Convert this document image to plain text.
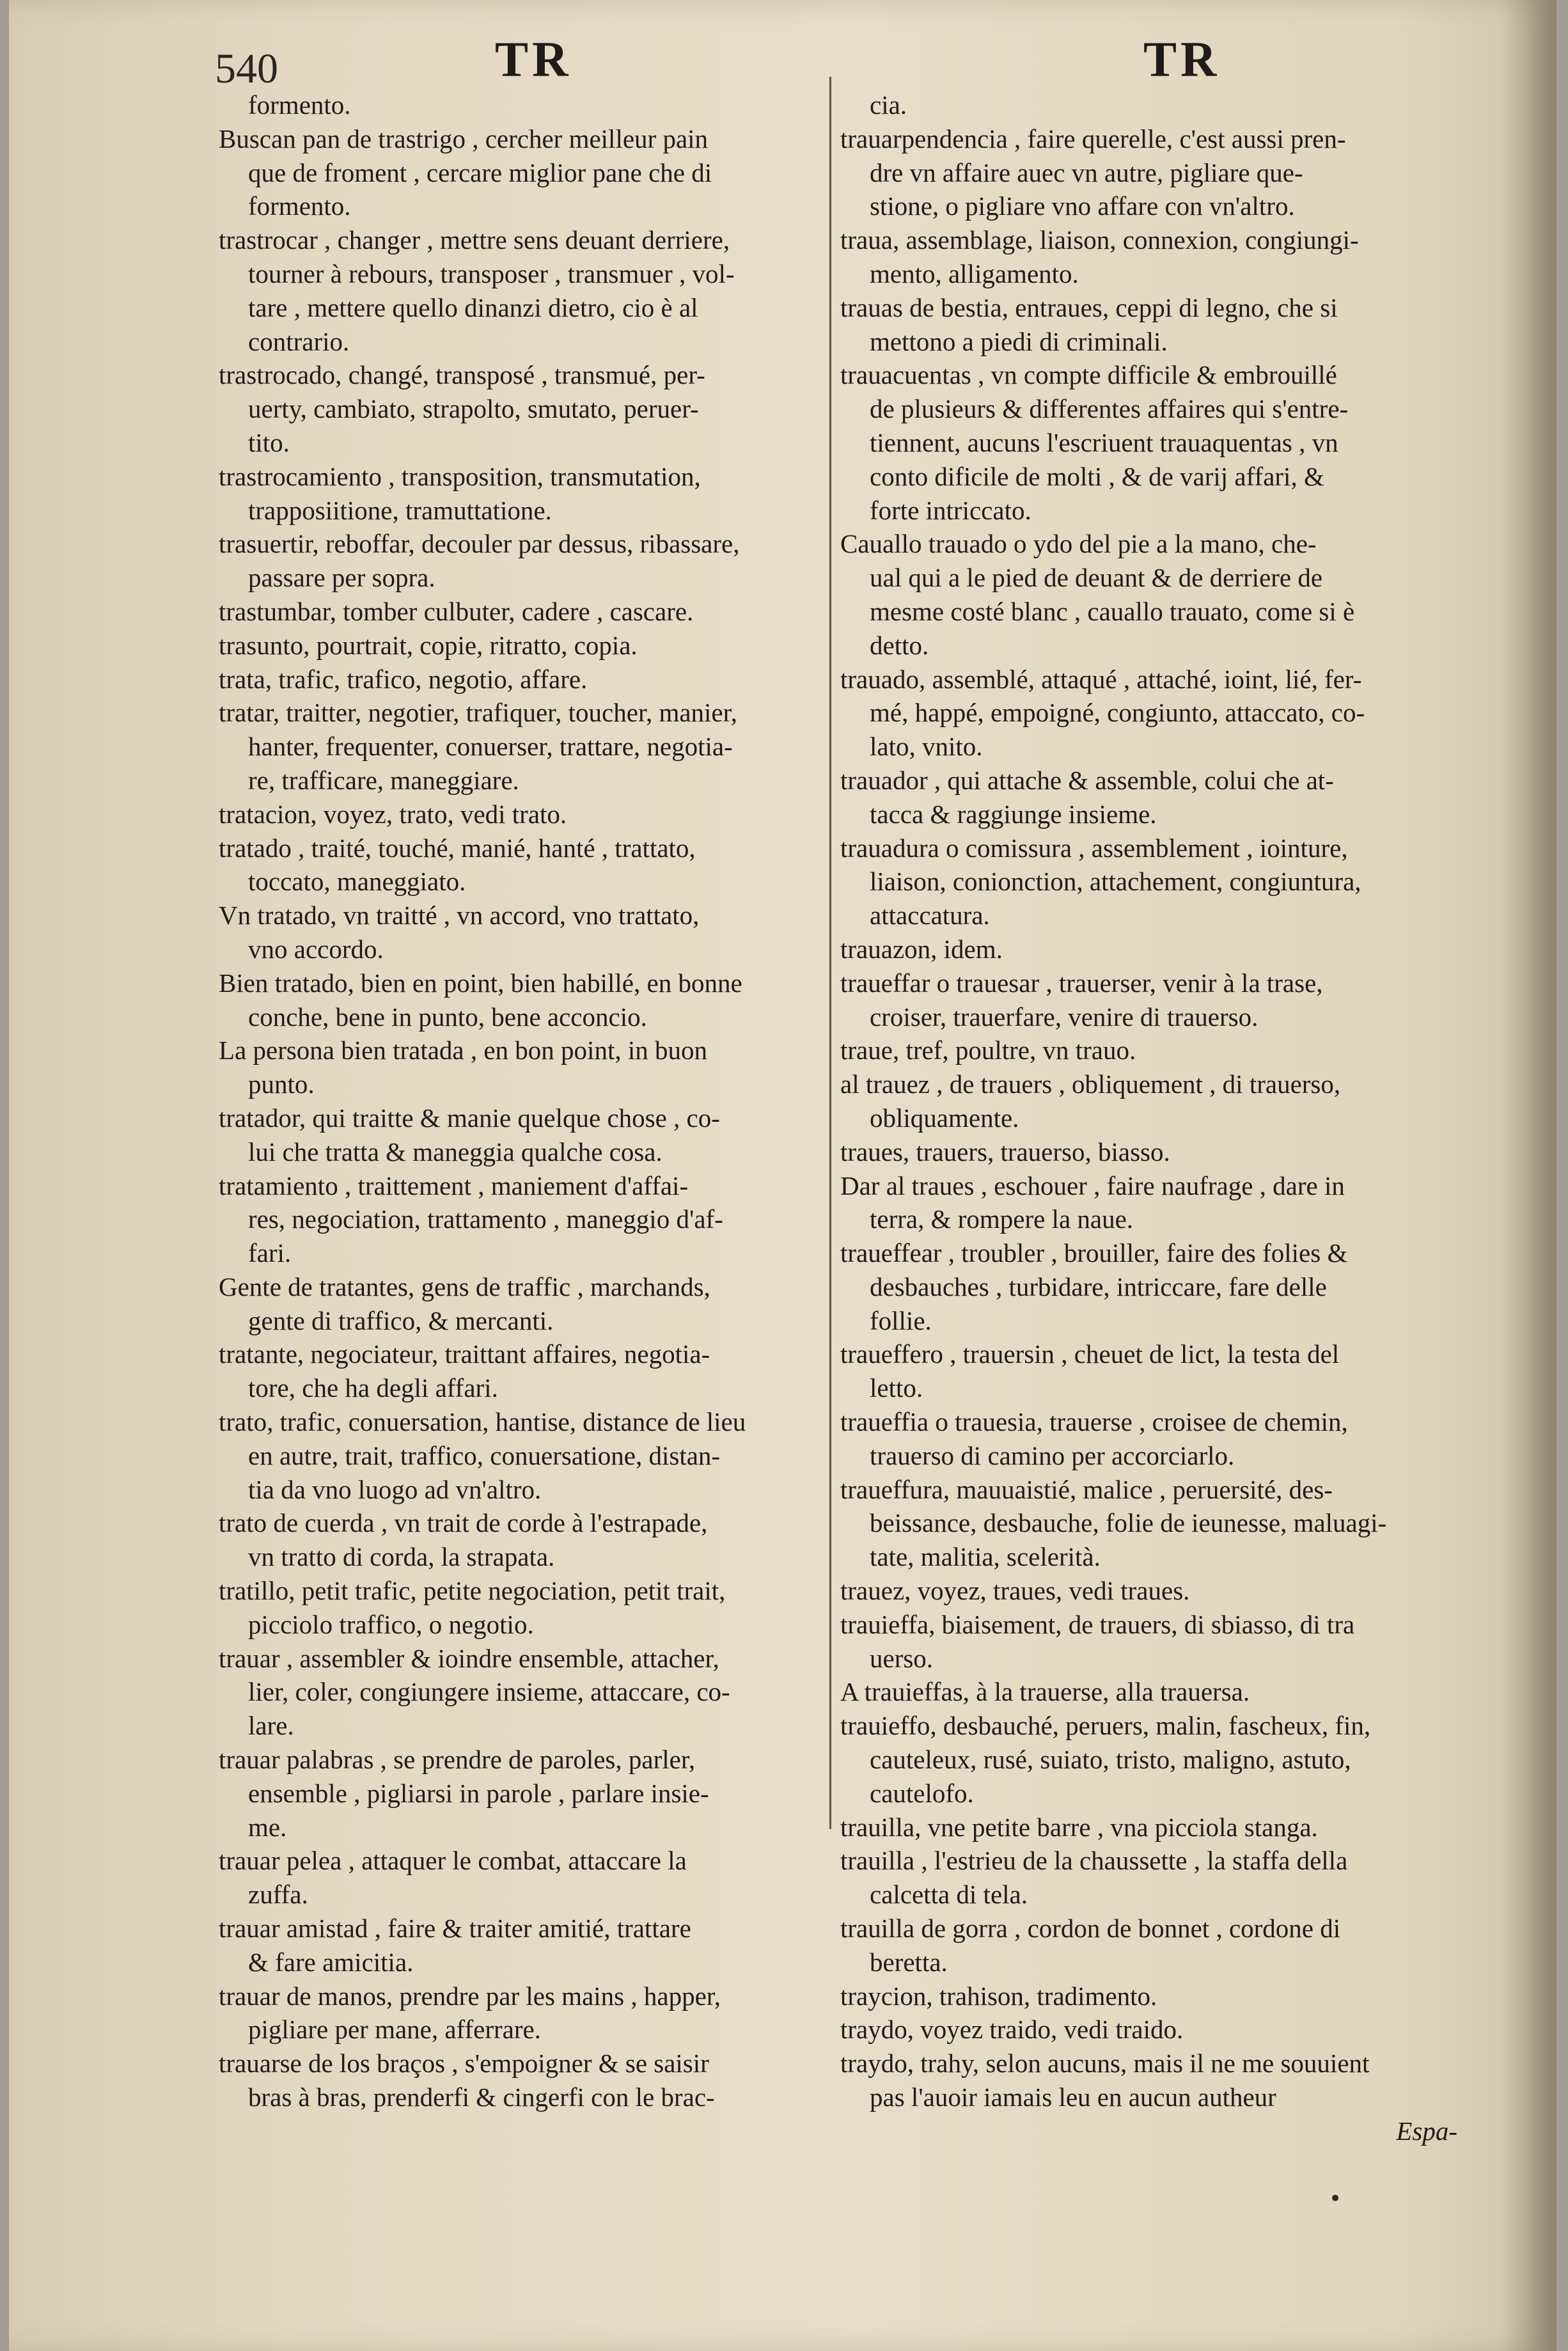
540	TR	TR
formento.
Buscan pan de trastrigo , cercher meilleur pain
que de froment , cercare miglior pane che di
formento.
trastrocar , changer , mettre sens deuant derriere,
tourner à rebours, transposer , transmuer , vol-
tare , mettere quello dinanzi dietro, cio è al
contrario.
trastrocado, changé, transposé , transmué, per-
uerty, cambiato, strapolto, smutato, peruer-
tito.
trastrocamiento , transposition, transmutation,
trapposiitione, tramuttatione.
trasuertir, reboffar, decouler par dessus, ribassare,
passare per sopra.
trastumbar, tomber culbuter, cadere , cascare.
trasunto, pourtrait, copie, ritratto, copia.
trata, trafic, trafico, negotio, affare.
tratar, traitter, negotier, trafiquer, toucher, manier,
hanter, frequenter, conuerser, trattare, negotia-
re, trafficare, maneggiare.
tratacion, voyez, trato, vedi trato.
tratado , traité, touché, manié, hanté , trattato,
toccato, maneggiato.
Vn tratado, vn traitté , vn accord, vno trattato,
vno accordo.
Bien tratado, bien en point, bien habillé, en bonne
conche, bene in punto, bene acconcio.
La persona bien tratada , en bon point, in buon
punto.
tratador, qui traitte & manie quelque chose , co-
lui che tratta & maneggia qualche cosa.
tratamiento , traittement , maniement d'affai-
res, negociation, trattamento , maneggio d'af-
fari.
Gente de tratantes, gens de traffic , marchands,
gente di traffico, & mercanti.
tratante, negociateur, traittant affaires, negotia-
tore, che ha degli affari.
trato, trafic, conuersation, hantise, distance de lieu
en autre, trait, traffico, conuersatione, distan-
tia da vno luogo ad vn'altro.
trato de cuerda , vn trait de corde à l'estrapade,
vn tratto di corda, la strapata.
tratillo, petit trafic, petite negociation, petit trait,
picciolo traffico, o negotio.
trauar , assembler & ioindre ensemble, attacher,
lier, coler, congiungere insieme, attaccare, co-
lare.
trauar palabras , se prendre de paroles, parler,
ensemble , pigliarsi in parole , parlare insie-
me.
trauar pelea , attaquer le combat, attaccare la
zuffa.
trauar amistad , faire & traiter amitié, trattare
& fare amicitia.
trauar de manos, prendre par les mains , happer,
pigliare per mane, afferrare.
trauarse de los braços , s'empoigner & se saisir
bras à bras, prenderfi & cingerfi con le brac-
cia.
trauarpendencia , faire querelle, c'est aussi pren-
dre vn affaire auec vn autre, pigliare que-
stione, o pigliare vno affare con vn'altro.
traua, assemblage, liaison, connexion, congiungi-
mento, alligamento.
trauas de bestia, entraues, ceppi di legno, che si
mettono a piedi di criminali.
trauacuentas , vn compte difficile & embrouillé
de plusieurs & differentes affaires qui s'entre-
tiennent, aucuns l'escriuent trauaquentas , vn
conto dificile de molti , & de varij affari, &
forte intriccato.
Cauallo trauado o ydo del pie a la mano, che-
ual qui a le pied de deuant & de derriere de
mesme costé blanc , cauallo trauato, come si è
detto.
trauado, assemblé, attaqué , attaché, ioint, lié, fer-
mé, happé, empoigné, congiunto, attaccato, co-
lato, vnito.
trauador , qui attache & assemble, colui che at-
tacca & raggiunge insieme.
trauadura o comissura , assemblement , iointure,
liaison, conionction, attachement, congiuntura,
attaccatura.
trauazon, idem.
traueffar o trauesar , trauerser, venir à la trase,
croiser, trauerfare, venire di trauerso.
traue, tref, poultre, vn trauo.
al trauez , de trauers , obliquement , di trauerso,
obliquamente.
traues, trauers, trauerso, biasso.
Dar al traues , eschouer , faire naufrage , dare in
terra, & rompere la naue.
traueffear , troubler , brouiller, faire des folies &
desbauches , turbidare, intriccare, fare delle
follie.
traueffero , trauersin , cheuet de lict, la testa del
letto.
traueffia o trauesia, trauerse , croisee de chemin,
trauerso di camino per accorciarlo.
traueffura, mauuaistié, malice , peruersité, des-
beissance, desbauche, folie de ieunesse, maluagi-
tate, malitia, scelerità.
trauez, voyez, traues, vedi traues.
trauieffa, biaisement, de trauers, di sbiasso, di tra
uerso.
A trauieffas, à la trauerse, alla trauersa.
trauieffo, desbauché, peruers, malin, fascheux, fin,
cauteleux, rusé, suiato, tristo, maligno, astuto,
cautelofo.
trauilla, vne petite barre , vna picciola stanga.
trauilla , l'estrieu de la chaussette , la staffa della
calcetta di tela.
trauilla de gorra , cordon de bonnet , cordone di
beretta.
traycion, trahison, tradimento.
traydo, voyez traido, vedi traido.
traydo, trahy, selon aucuns, mais il ne me souuient
pas l'auoir iamais leu en aucun autheur
Espa-
•
